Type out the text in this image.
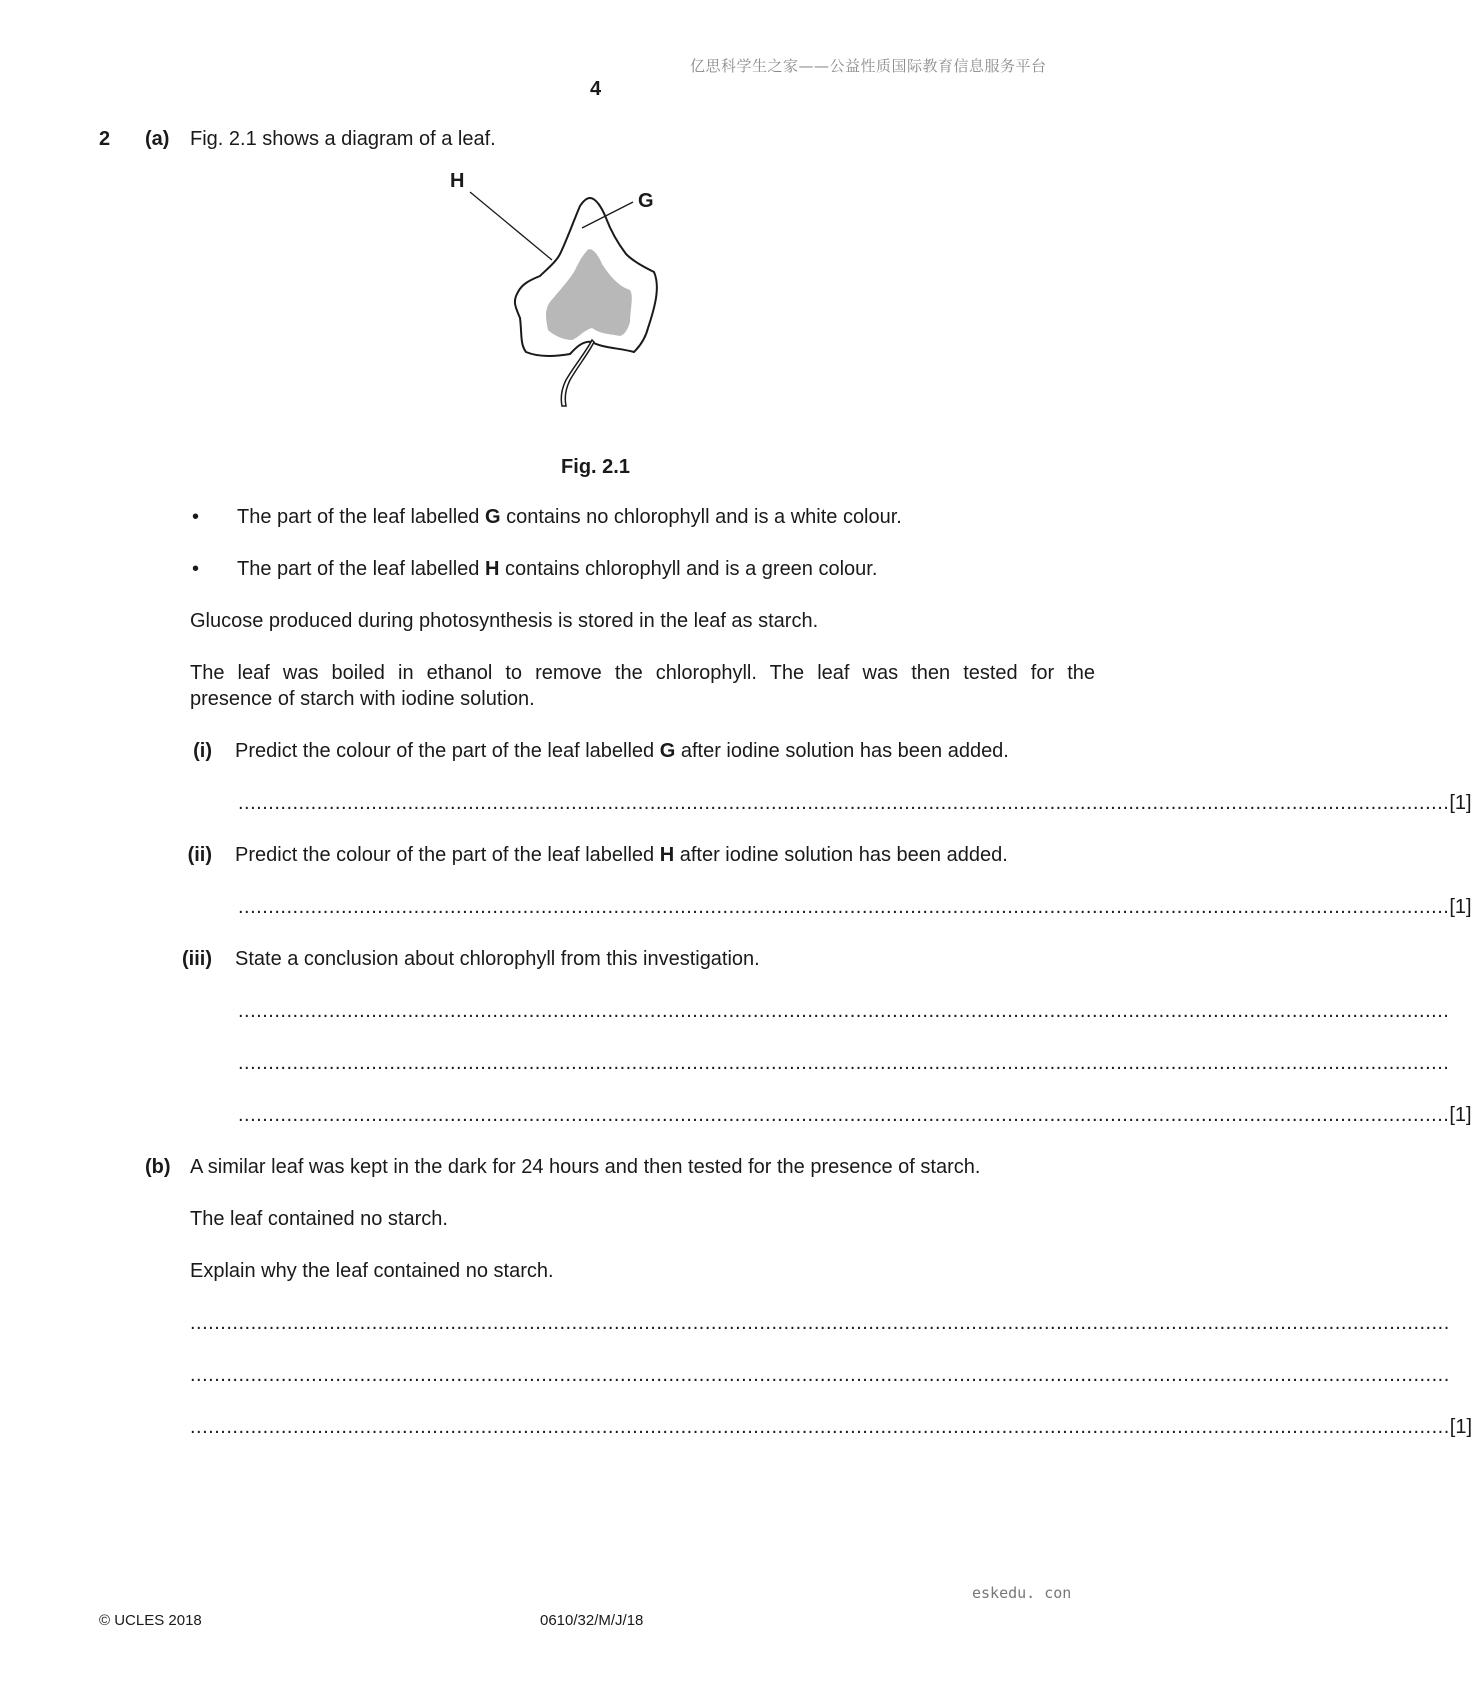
亿思科学生之家——公益性质国际教育信息服务平台
4
2 (a) Fig. 2.1 shows a diagram of a leaf.
H
G
Fig. 2.1
• The part of the leaf labelled G contains no chlorophyll and is a white colour.
• The part of the leaf labelled H contains chlorophyll and is a green colour.
Glucose produced during photosynthesis is stored in the leaf as starch.
The leaf was boiled in ethanol to remove the chlorophyll. The leaf was then tested for the
presence of starch with iodine solution.
(i) Predict the colour of the part of the leaf labelled G after iodine solution has been added.
........................................................................................................................................................................................................ [1]
(ii) Predict the colour of the part of the leaf labelled H after iodine solution has been added.
........................................................................................................................................................................................................ [1]
(iii) State a conclusion about chlorophyll from this investigation.
........................................................................................................................................................................................................
........................................................................................................................................................................................................
........................................................................................................................................................................................................ [1]
(b) A similar leaf was kept in the dark for 24 hours and then tested for the presence of starch.
The leaf contained no starch.
Explain why the leaf contained no starch.
................................................................................................................................................................................................................
................................................................................................................................................................................................................
................................................................................................................................................................................................................ [1]
eskedu. con
© UCLES 2018	0610/32/M/J/18
